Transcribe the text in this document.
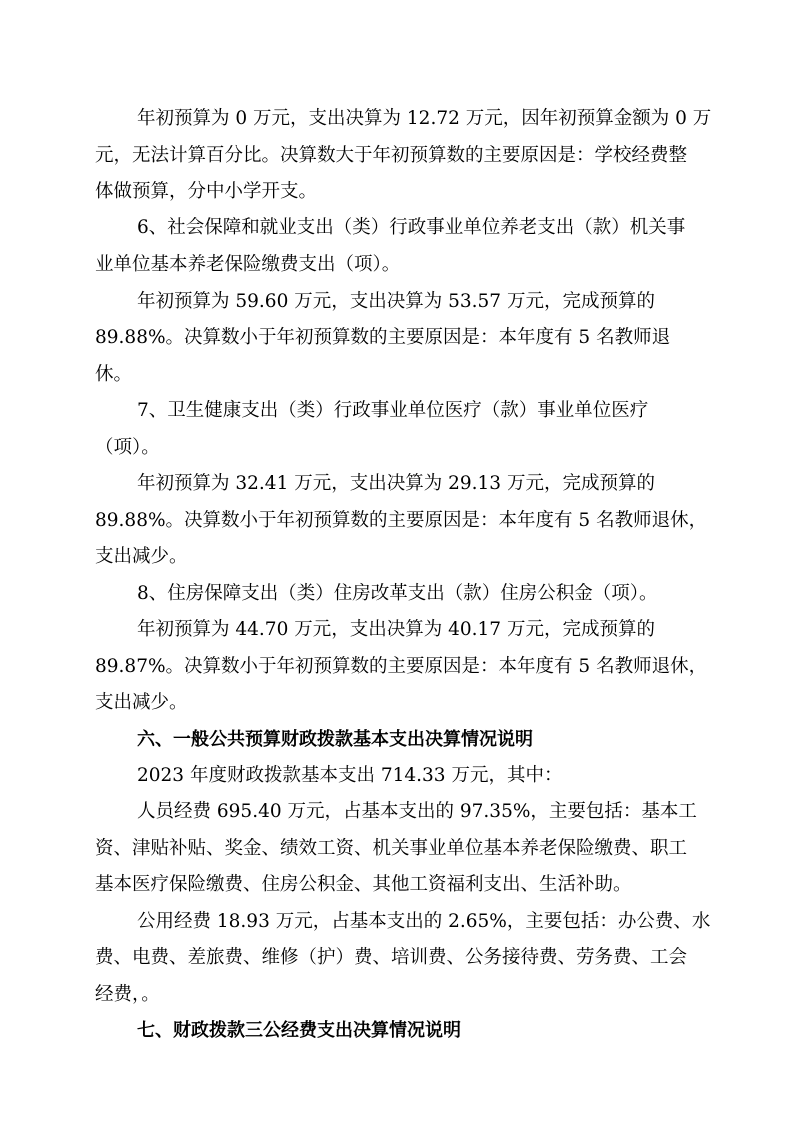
年初预算为 0 万元，支出决算为 12.72 万元，因年初预算金额为 0 万
元，无法计算百分比。决算数大于年初预算数的主要原因是：学校经费整
体做预算，分中小学开支。
6、社会保障和就业支出（类）行政事业单位养老支出（款）机关事
业单位基本养老保险缴费支出（项）。
年初预算为 59.60 万元，支出决算为 53.57 万元，完成预算的
89.88%。决算数小于年初预算数的主要原因是：本年度有 5 名教师退
休。
7、卫生健康支出（类）行政事业单位医疗（款）事业单位医疗
（项）。
年初预算为 32.41 万元，支出决算为 29.13 万元，完成预算的
89.88%。决算数小于年初预算数的主要原因是：本年度有 5 名教师退休，
支出减少。
8、住房保障支出（类）住房改革支出（款）住房公积金（项）。
年初预算为 44.70 万元，支出决算为 40.17 万元，完成预算的
89.87%。决算数小于年初预算数的主要原因是：本年度有 5 名教师退休，
支出减少。
六、一般公共预算财政拨款基本支出决算情况说明
2023 年度财政拨款基本支出 714.33 万元，其中：
人员经费 695.40 万元，占基本支出的 97.35%，主要包括：基本工
资、津贴补贴、奖金、绩效工资、机关事业单位基本养老保险缴费、职工
基本医疗保险缴费、住房公积金、其他工资福利支出、生活补助。
公用经费 18.93 万元，占基本支出的 2.65%，主要包括：办公费、水
费、电费、差旅费、维修（护）费、培训费、公务接待费、劳务费、工会
经费，。
七、财政拨款三公经费支出决算情况说明
